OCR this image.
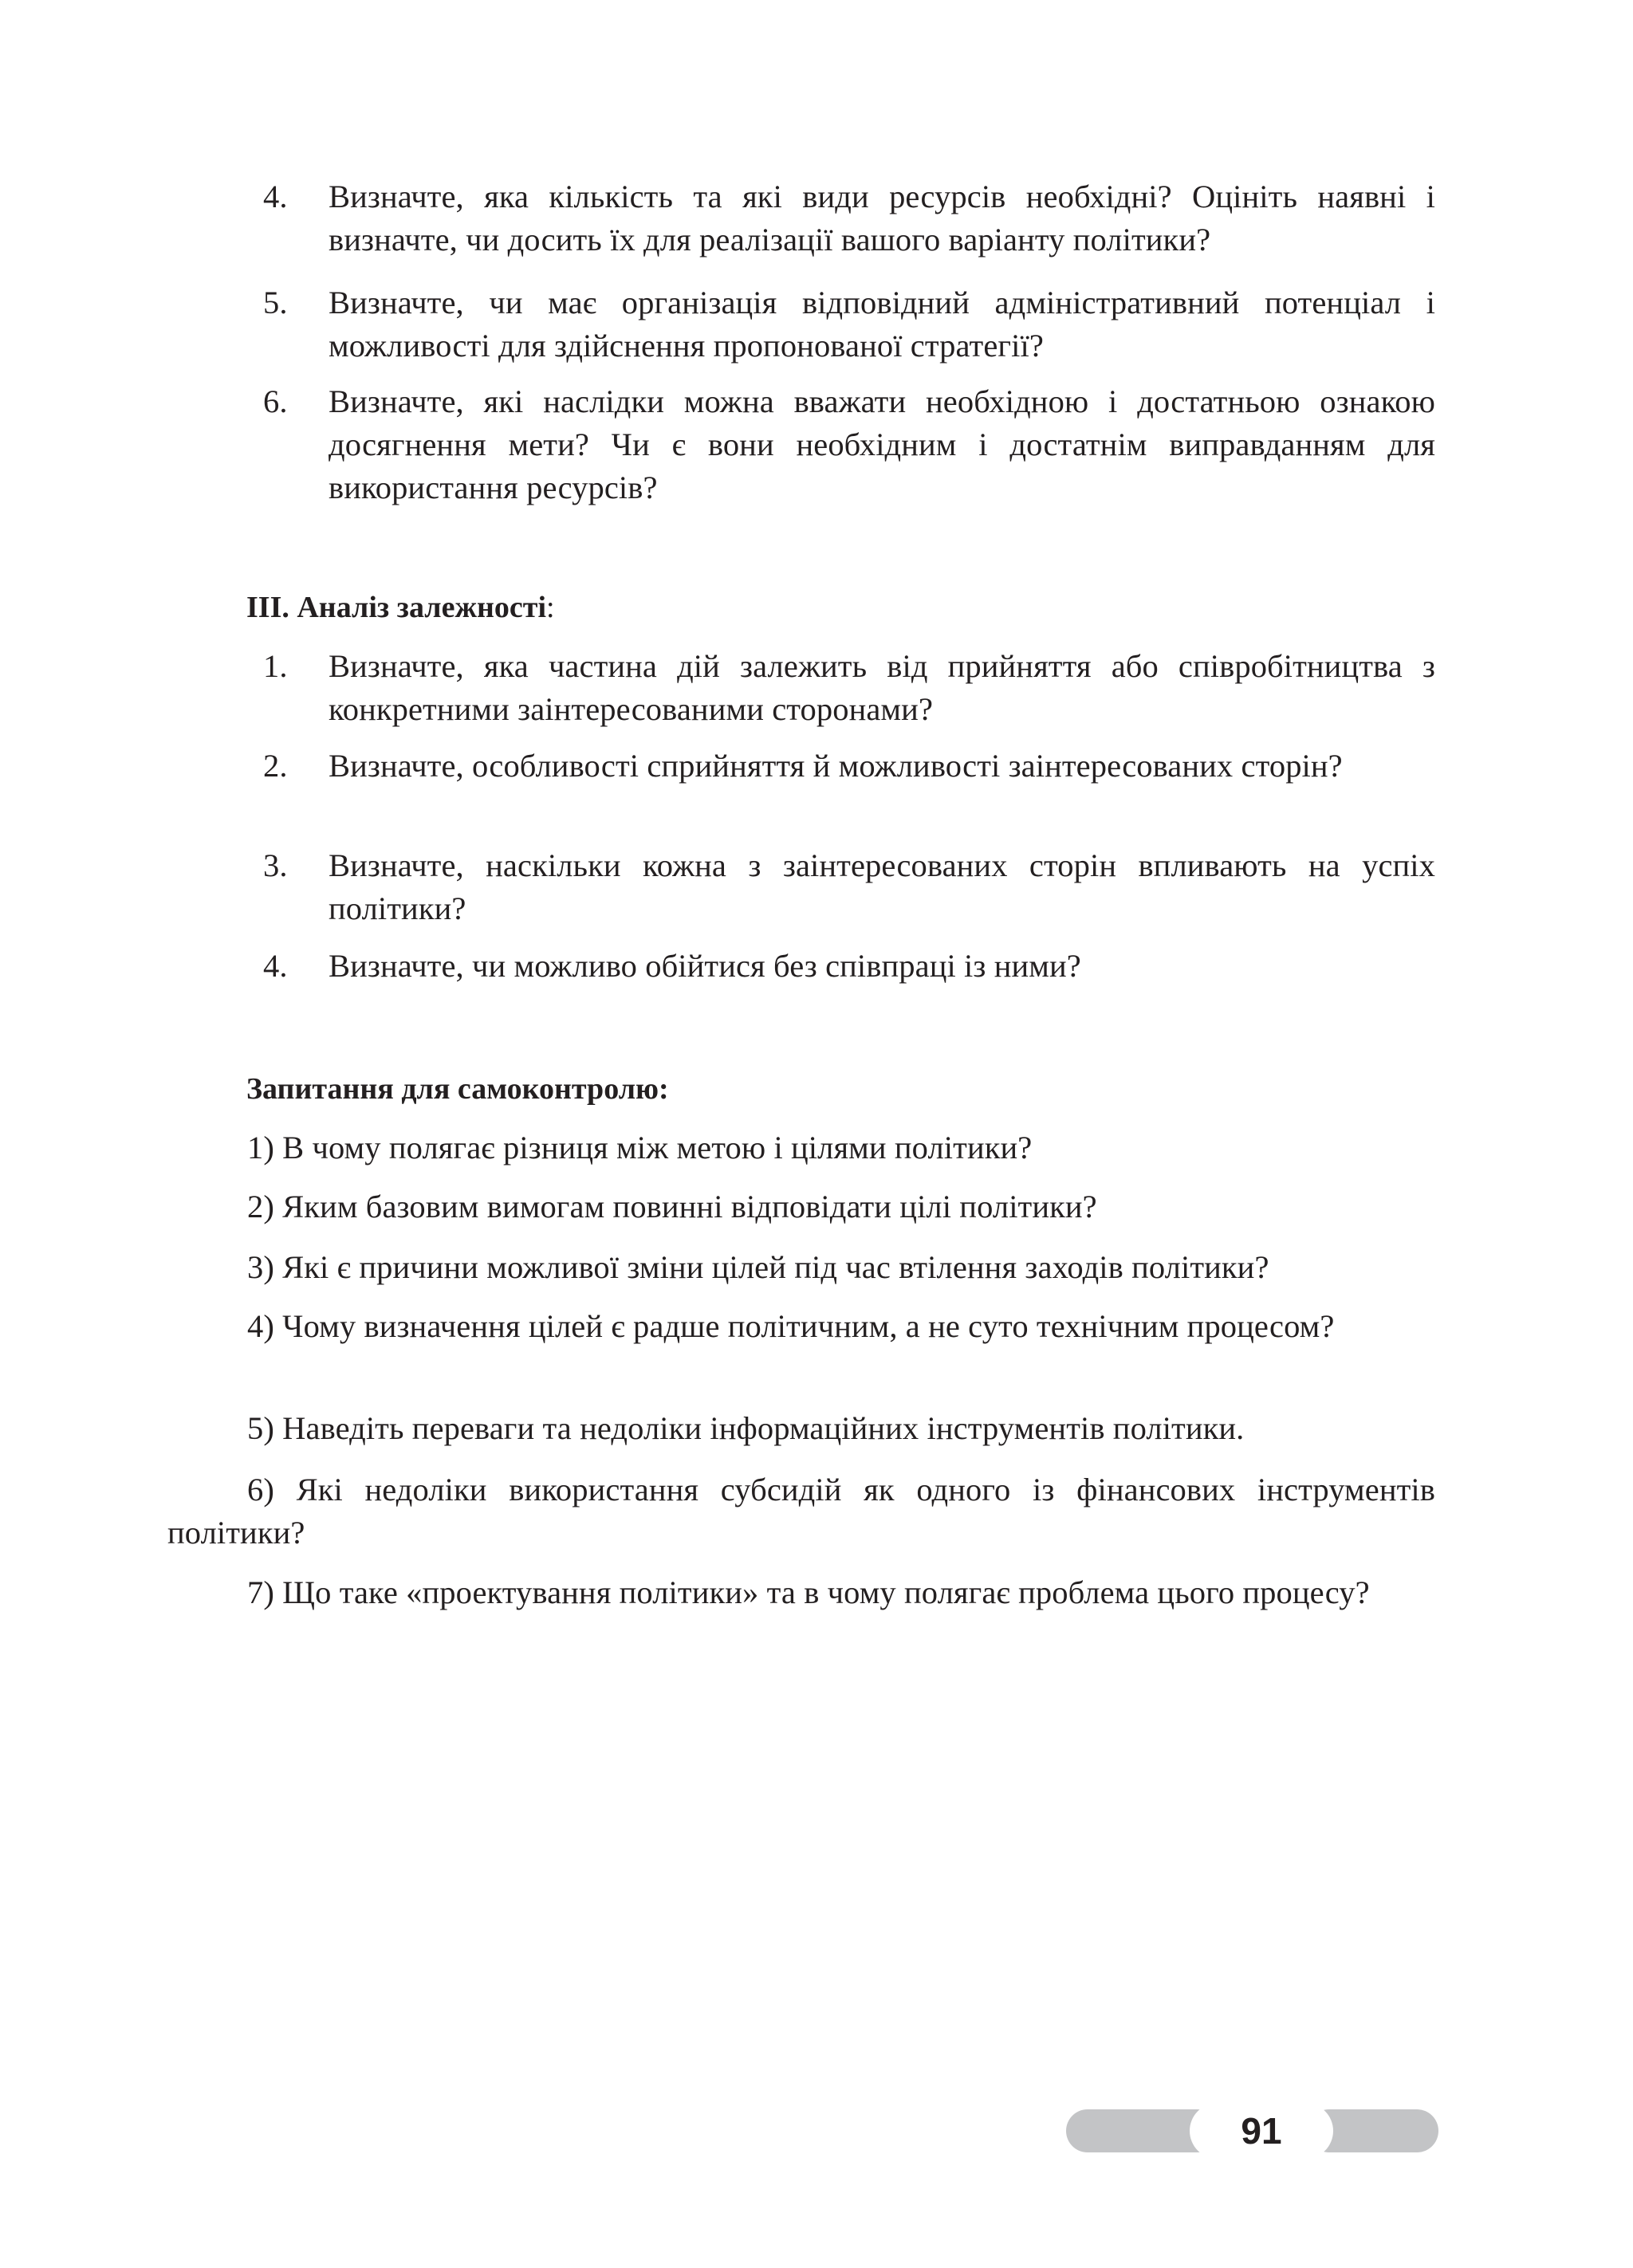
4.	Визначте, яка кількість та які види ресурсів необхідні? Оцініть наявні і визначте, чи досить їх для реалізації вашого варіанту політики?
5.	Визначте, чи має організація відповідний адміністративний потенціал і можливості для здійснення пропонованої стратегії?
6.	Визначте, які наслідки можна вважати необхідною і достатньою ознакою досягнення мети? Чи є вони необхідним і достатнім виправданням для використання ресурсів?
ІІІ. Аналіз залежності:
1.	Визначте, яка частина дій залежить від прийняття або співробітництва з конкретними заінтересованими сторонами?
2.	Визначте, особливості сприйняття й можливості заінтересованих сторін?
3.	Визначте, наскільки кожна з заінтересованих сторін впливають на успіх політики?
4.	Визначте, чи можливо обійтися без співпраці із ними?
Запитання для самоконтролю:
1) В чому полягає різниця між метою і цілями політики?
2) Яким базовим вимогам повинні відповідати цілі політики?
3) Які є причини можливої зміни цілей під час втілення заходів політики?
4) Чому визначення цілей є радше політичним, а не суто технічним процесом?
5) Наведіть переваги та недоліки інформаційних інструментів політики.
6) Які недоліки використання субсидій як одного із фінансових інструментів політики?
7) Що таке «проектування політики» та в чому полягає проблема цього процесу?
91
